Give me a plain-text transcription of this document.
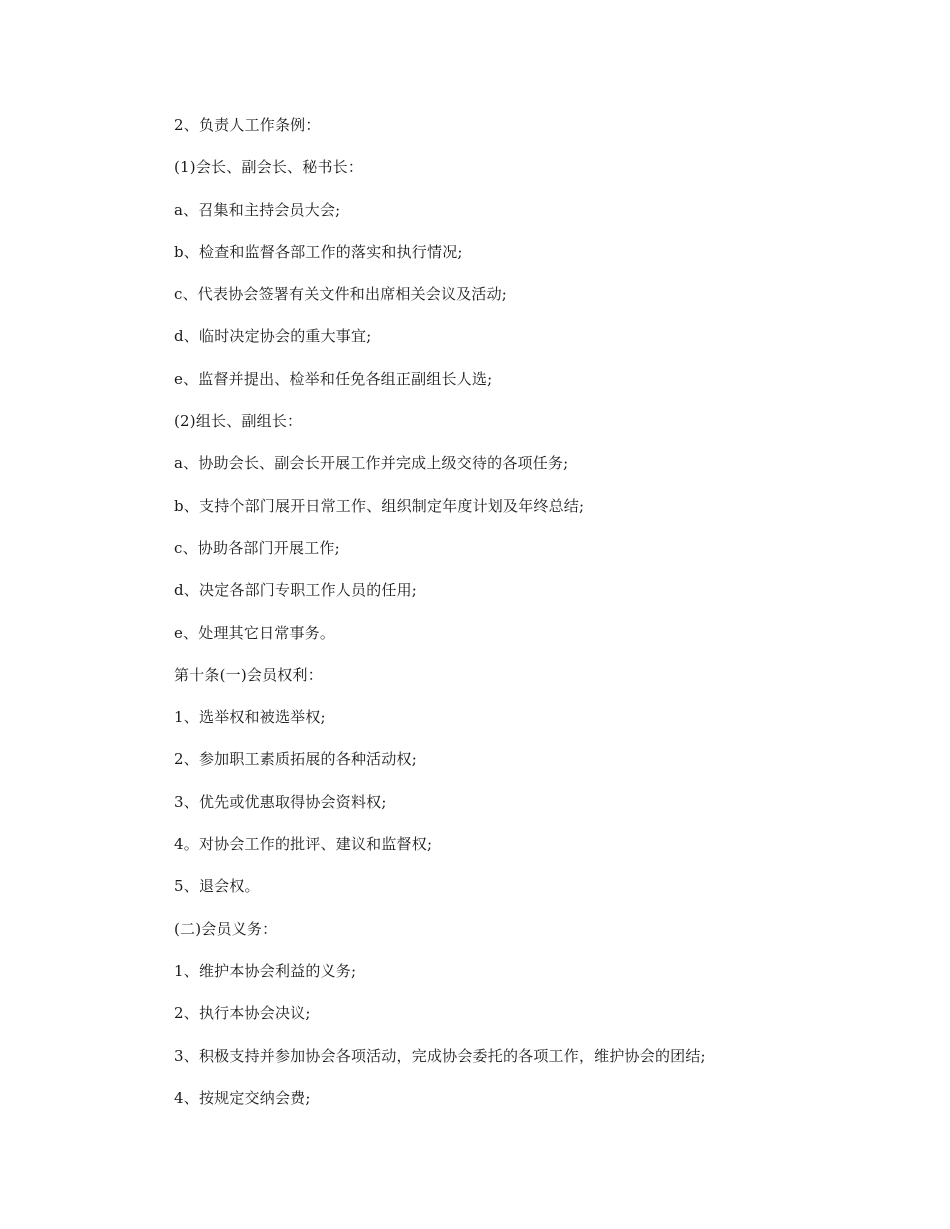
2、负责人工作条例：
(1)会长、副会长、秘书长：
a、召集和主持会员大会;
b、检查和监督各部工作的落实和执行情况;
c、代表协会签署有关文件和出席相关会议及活动;
d、临时决定协会的重大事宜;
e、监督并提出、检举和任免各组正副组长人选;
(2)组长、副组长：
a、协助会长、副会长开展工作并完成上级交待的各项任务;
b、支持个部门展开日常工作、组织制定年度计划及年终总结;
c、协助各部门开展工作;
d、决定各部门专职工作人员的任用;
e、处理其它日常事务。
第十条(一)会员权利：
1、选举权和被选举权;
2、参加职工素质拓展的各种活动权;
3、优先或优惠取得协会资料权;
4。对协会工作的批评、建议和监督权;
5、退会权。
(二)会员义务：
1、维护本协会利益的义务;
2、执行本协会决议;
3、积极支持并参加协会各项活动，完成协会委托的各项工作，维护协会的团结;
4、按规定交纳会费;
